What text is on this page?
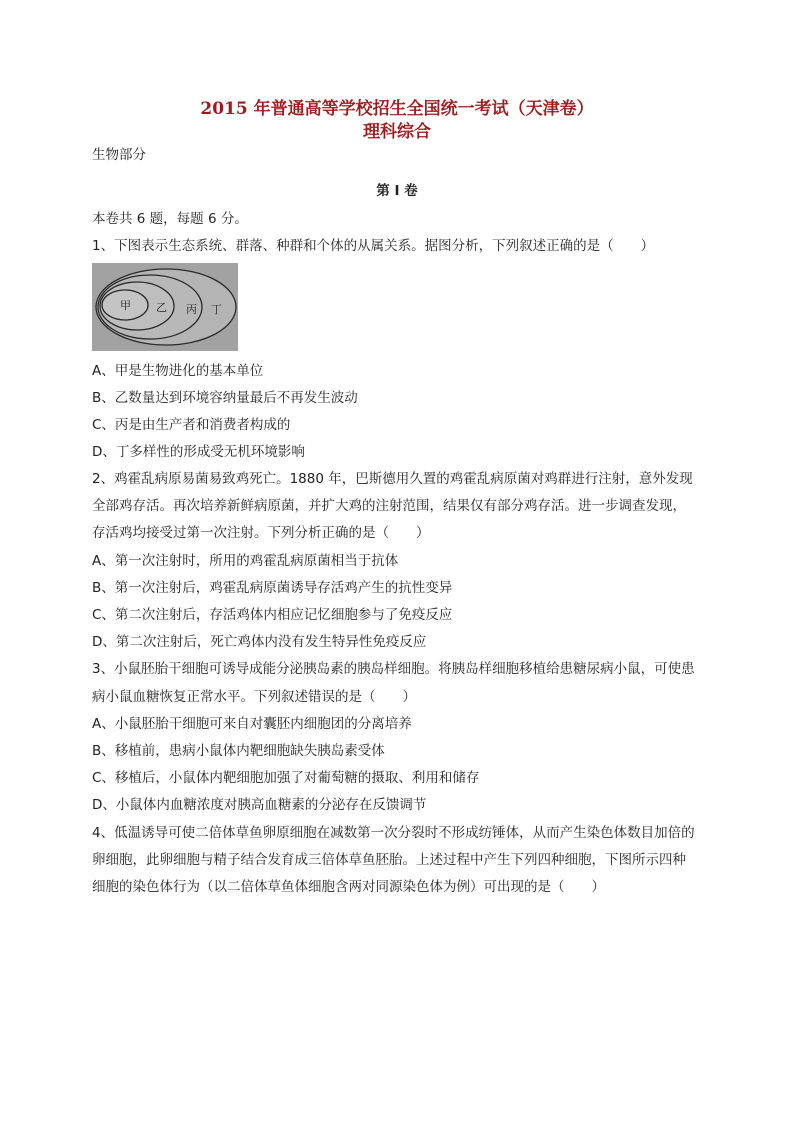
2015 年普通高等学校招生全国统一考试（天津卷）
理科综合
生物部分
第 I 卷
本卷共 6 题，每题 6 分。
1、下图表示生态系统、群落、种群和个体的从属关系。据图分析，下列叙述正确的是（　　）
甲 乙 丙 丁
A、甲是生物进化的基本单位
B、乙数量达到环境容纳量最后不再发生波动
C、丙是由生产者和消费者构成的
D、丁多样性的形成受无机环境影响
2、鸡霍乱病原易菌易致鸡死亡。1880 年，巴斯德用久置的鸡霍乱病原菌对鸡群进行注射，意外发现
全部鸡存活。再次培养新鲜病原菌，并扩大鸡的注射范围，结果仅有部分鸡存活。进一步调查发现，
存活鸡均接受过第一次注射。下列分析正确的是（　　）
A、第一次注射时，所用的鸡霍乱病原菌相当于抗体
B、第一次注射后，鸡霍乱病原菌诱导存活鸡产生的抗性变异
C、第二次注射后，存活鸡体内相应记忆细胞参与了免疫反应
D、第二次注射后，死亡鸡体内没有发生特异性免疫反应
3、小鼠胚胎干细胞可诱导成能分泌胰岛素的胰岛样细胞。将胰岛样细胞移植给患糖尿病小鼠，可使患
病小鼠血糖恢复正常水平。下列叙述错误的是（　　）
A、小鼠胚胎干细胞可来自对囊胚内细胞团的分离培养
B、移植前，患病小鼠体内靶细胞缺失胰岛素受体
C、移植后，小鼠体内靶细胞加强了对葡萄糖的摄取、利用和储存
D、小鼠体内血糖浓度对胰高血糖素的分泌存在反馈调节
4、低温诱导可使二倍体草鱼卵原细胞在减数第一次分裂时不形成纺锤体，从而产生染色体数目加倍的
卵细胞，此卵细胞与精子结合发育成三倍体草鱼胚胎。上述过程中产生下列四种细胞，下图所示四种
细胞的染色体行为（以二倍体草鱼体细胞含两对同源染色体为例）可出现的是（　　）
